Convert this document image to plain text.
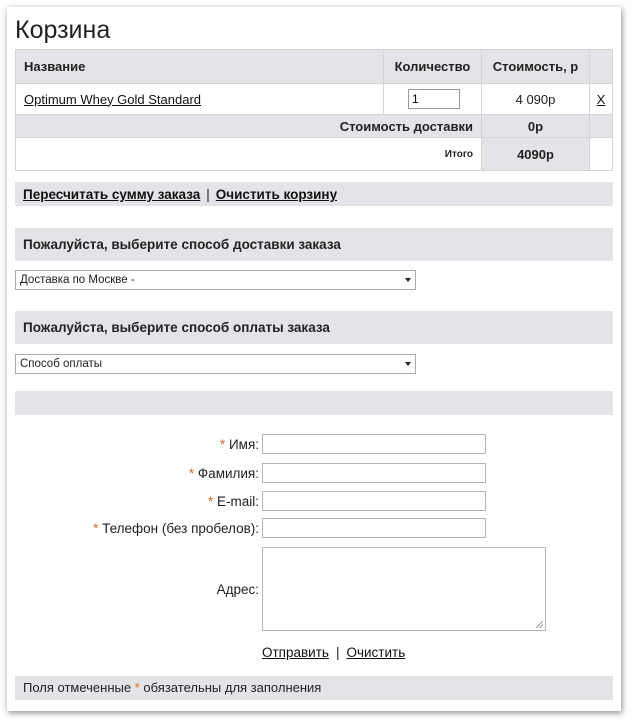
Корзина
Название	Количество	Стоимость, р	
Optimum Whey Gold Standard	1	4 090р	X
Стоимость доставки		0р	
Итого		4090р	
Пересчитать сумму заказа | Очистить корзину
Пожалуйста, выберите способ доставки заказа
Доставка по Москве -
Пожалуйста, выберите способ оплаты заказа
Способ оплаты
* Имя:
* Фамилия:
* E-mail:
* Телефон (без пробелов):
Адрес:
Отправить | Очистить
Поля отмеченные * обязательны для заполнения
